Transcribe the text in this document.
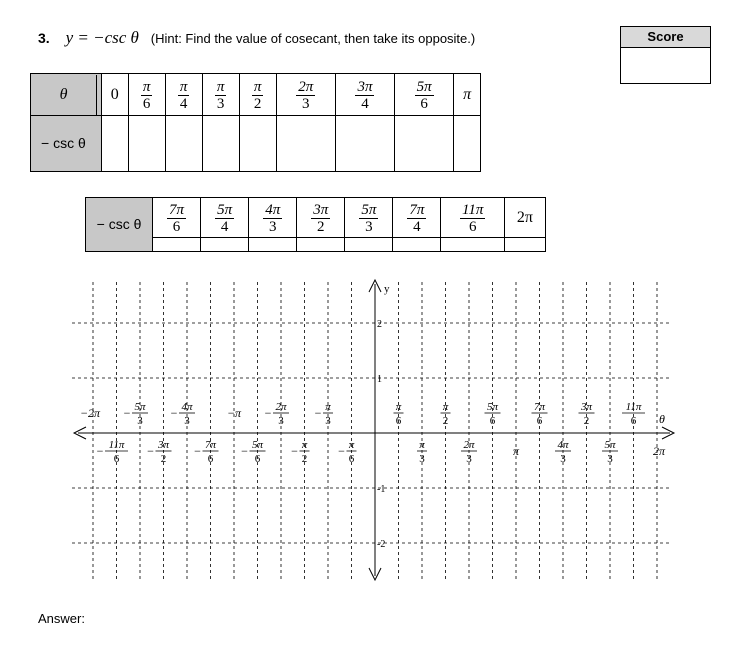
3. y = −csc θ (Hint: Find the value of cosecant, then take its opposite.)	Score
θ	0	$\frac{\pi}{6}$	$\frac{\pi}{4}$	$\frac{\pi}{3}$	$\frac{\pi}{2}$	$\frac{2\pi}{3}$	$\frac{3\pi}{4}$	$\frac{5\pi}{6}$	π
− csc θ									
− csc θ	$\frac{7\pi}{6}$	$\frac{5\pi}{4}$	$\frac{4\pi}{3}$	$\frac{3\pi}{2}$	$\frac{5\pi}{3}$	$\frac{7\pi}{4}$	$\frac{11\pi}{6}$	2π

y
θ
2
1
-1
-2
−2π − 5π
3
− 4π
3
−π − 2π
3
− π
3
π
6
π
2
5π
6
7π
6
3π
2
11π
6
− 11π
6
− 3π
2
− 7π
6
− 5π
6
− π
2
− π
6
π
3
2π
3
π	4π
3
5π
3
2π
Answer:
